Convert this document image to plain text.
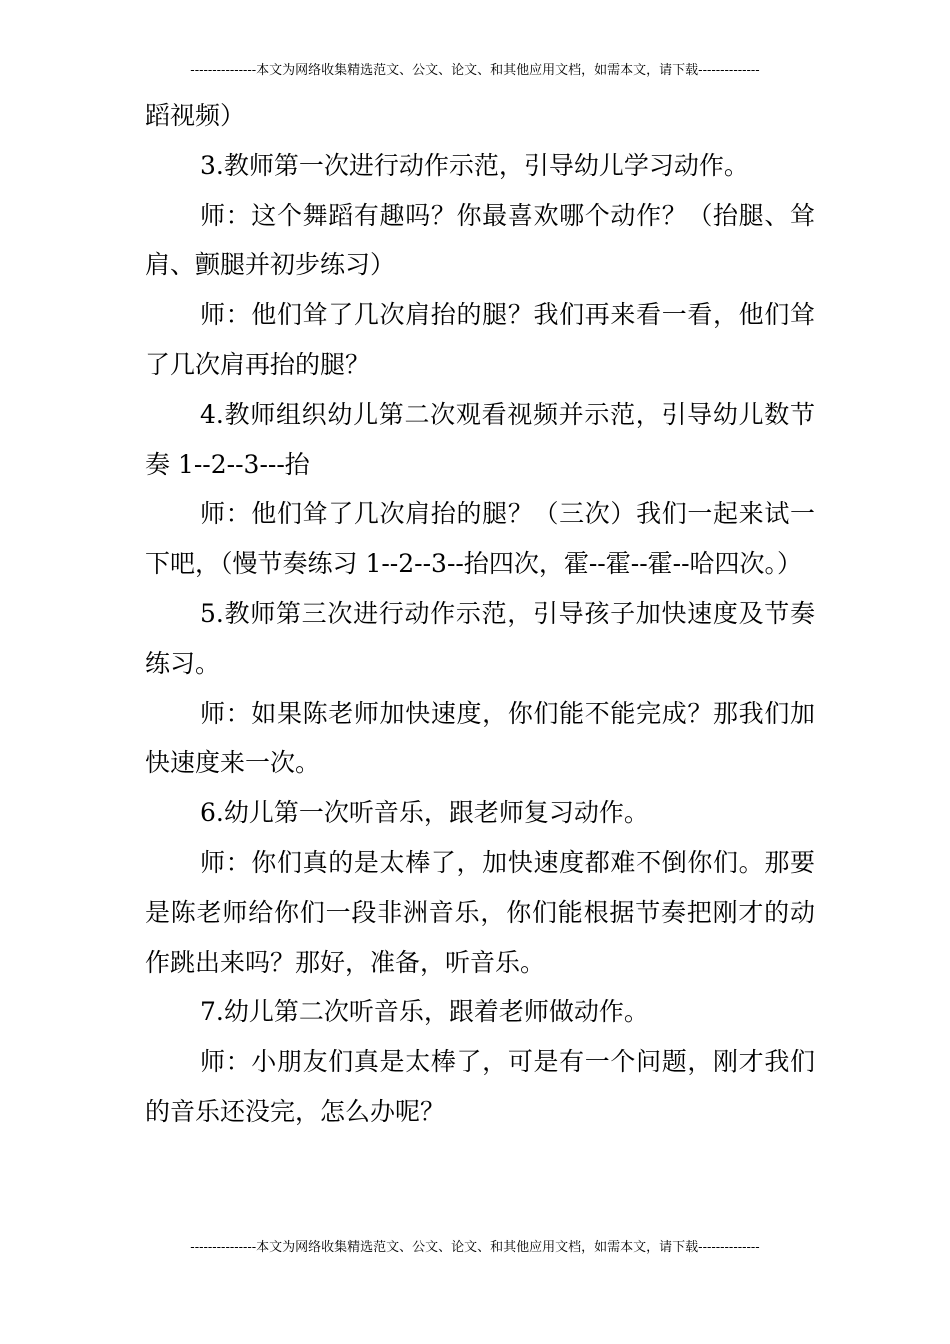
---------------本文为网络收集精选范文、公文、论文、和其他应用文档，如需本文，请下载--------------

蹈视频）

3.教师第一次进行动作示范，引导幼儿学习动作。

师：这个舞蹈有趣吗？你最喜欢哪个动作？（抬腿、耸肩、颤腿并初步练习）

师：他们耸了几次肩抬的腿？我们再来看一看，他们耸了几次肩再抬的腿？

4.教师组织幼儿第二次观看视频并示范，引导幼儿数节奏 1--2--3---抬

师：他们耸了几次肩抬的腿？（三次）我们一起来试一下吧，（慢节奏练习 1--2--3--抬四次，霍--霍--霍--哈四次。）

5.教师第三次进行动作示范，引导孩子加快速度及节奏练习。

师：如果陈老师加快速度，你们能不能完成？那我们加快速度来一次。

6.幼儿第一次听音乐，跟老师复习动作。

师：你们真的是太棒了，加快速度都难不倒你们。那要是陈老师给你们一段非洲音乐，你们能根据节奏把刚才的动作跳出来吗？那好，准备，听音乐。

7.幼儿第二次听音乐，跟着老师做动作。

师：小朋友们真是太棒了，可是有一个问题，刚才我们的音乐还没完，怎么办呢？

---------------本文为网络收集精选范文、公文、论文、和其他应用文档，如需本文，请下载--------------
